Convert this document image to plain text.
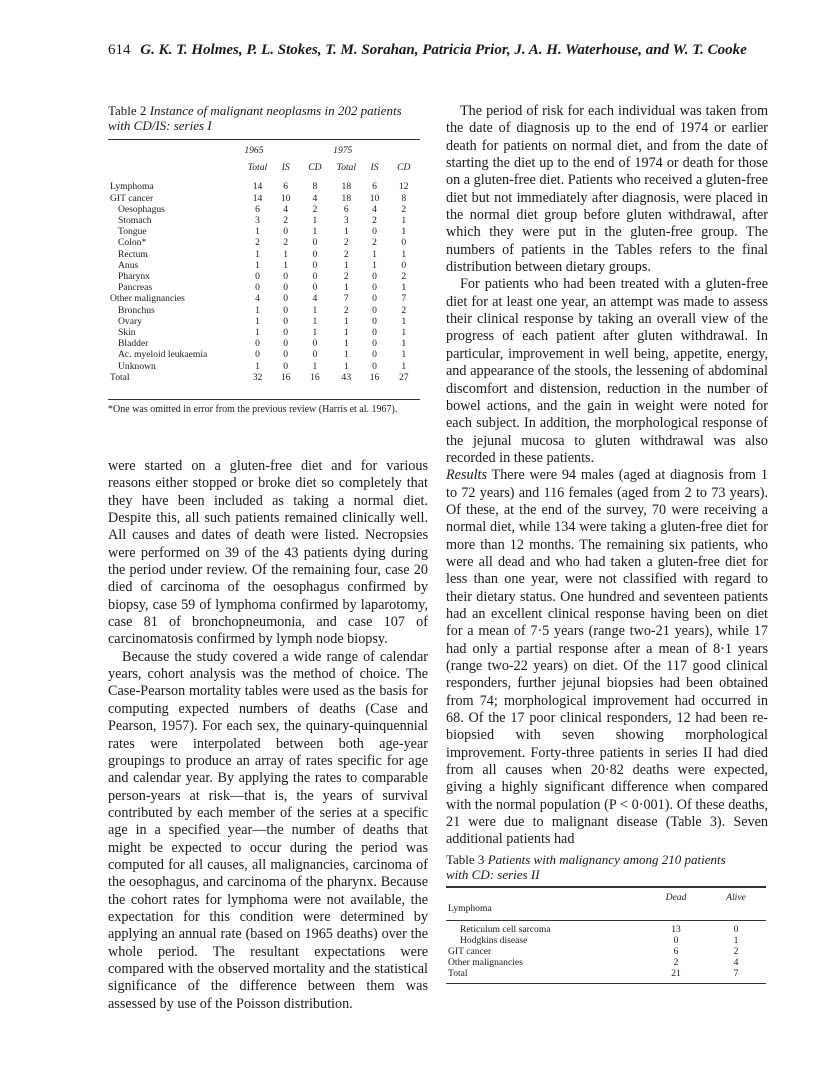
614 G. K. T. Holmes, P. L. Stokes, T. M. Sorahan, Patricia Prior, J. A. H. Waterhouse, and W. T. Cooke
Table 2 Instance of malignant neoplasms in 202 patients with CD/IS: series I
	1965			1975		

	Total	IS	CD	Total	IS	CD

Lymphoma	14	6	8	18	6	12
GIT cancer	14	10	4	18	10	8
Oesophagus	6	4	2	6	4	2
Stomach	3	2	1	3	2	1
Tongue	1	0	1	1	0	1
Colon*	2	2	0	2	2	0
Rectum	1	1	0	2	1	1
Anus	1	1	0	1	1	0
Pharynx	0	0	0	2	0	2
Pancreas	0	0	0	1	0	1
Other malignancies	4	0	4	7	0	7
Bronchus	1	0	1	2	0	2
Ovary	1	0	1	1	0	1
Skin	1	0	1	1	0	1
Bladder	0	0	0	1	0	1
Ac. myeloid leukaemia	0	0	0	1	0	1
Unknown	1	0	1	1	0	1
Total	32	16	16	43	16	27
*One was omitted in error from the previous review (Harris et al. 1967).

were started on a gluten-free diet and for various reasons either stopped or broke diet so completely that they have been included as taking a normal diet. Despite this, all such patients remained clinically well. All causes and dates of death were listed. Necropsies were performed on 39 of the 43 patients dying during the period under review. Of the remaining four, case 20 died of carcinoma of the oesophagus confirmed by biopsy, case 59 of lymphoma confirmed by laparotomy, case 81 of bronchopneumonia, and case 107 of carcinomatosis confirmed by lymph node biopsy.

Because the study covered a wide range of calendar years, cohort analysis was the method of choice. The Case-Pearson mortality tables were used as the basis for computing expected numbers of deaths (Case and Pearson, 1957). For each sex, the quinary-quinquennial rates were interpolated between both age-year groupings to produce an array of rates specific for age and calendar year. By applying the rates to comparable person-years at risk—that is, the years of survival contributed by each member of the series at a specific age in a specified year—the number of deaths that might be expected to occur during the period was computed for all causes, all malignancies, carcinoma of the oesophagus, and carcinoma of the pharynx. Because the cohort rates for lymphoma were not available, the expectation for this condition were determined by applying an annual rate (based on 1965 deaths) over the whole period. The resultant expectations were compared with the observed mortality and the statistical significance of the difference between them was assessed by use of the Poisson distribution.

The period of risk for each individual was taken from the date of diagnosis up to the end of 1974 or earlier death for patients on normal diet, and from the date of starting the diet up to the end of 1974 or death for those on a gluten-free diet. Patients who received a gluten-free diet but not immediately after diagnosis, were placed in the normal diet group before gluten withdrawal, after which they were put in the gluten-free group. The numbers of patients in the Tables refers to the final distribution between dietary groups.

For patients who had been treated with a gluten-free diet for at least one year, an attempt was made to assess their clinical response by taking an overall view of the progress of each patient after gluten withdrawal. In particular, improvement in well being, appetite, energy, and appearance of the stools, the lessening of abdominal discomfort and distension, reduction in the number of bowel actions, and the gain in weight were noted for each subject. In addition, the morphological response of the jejunal mucosa to gluten withdrawal was also recorded in these patients.

Results There were 94 males (aged at diagnosis from 1 to 72 years) and 116 females (aged from 2 to 73 years). Of these, at the end of the survey, 70 were receiving a normal diet, while 134 were taking a gluten-free diet for more than 12 months. The remaining six patients, who were all dead and who had taken a gluten-free diet for less than one year, were not classified with regard to their dietary status. One hundred and seventeen patients had an excellent clinical response having been on diet for a mean of 7·5 years (range two-21 years), while 17 had only a partial response after a mean of 8·1 years (range two-22 years) on diet. Of the 117 good clinical responders, further jejunal biopsies had been obtained from 74; morphological improvement had occurred in 68. Of the 17 poor clinical responders, 12 had been re-biopsied with seven showing morphological improvement. Forty-three patients in series II had died from all causes when 20·82 deaths were expected, giving a highly significant difference when compared with the normal population (P < 0·001). Of these deaths, 21 were due to malignant disease (Table 3). Seven additional patients had

Table 3 Patients with malignancy among 210 patients with CD: series II
	Dead	Alive
Lymphoma		
Reticulum cell sarcoma	13	0
Hodgkins disease	0	1
GIT cancer	6	2
Other malignancies	2	4
Total	21	7
